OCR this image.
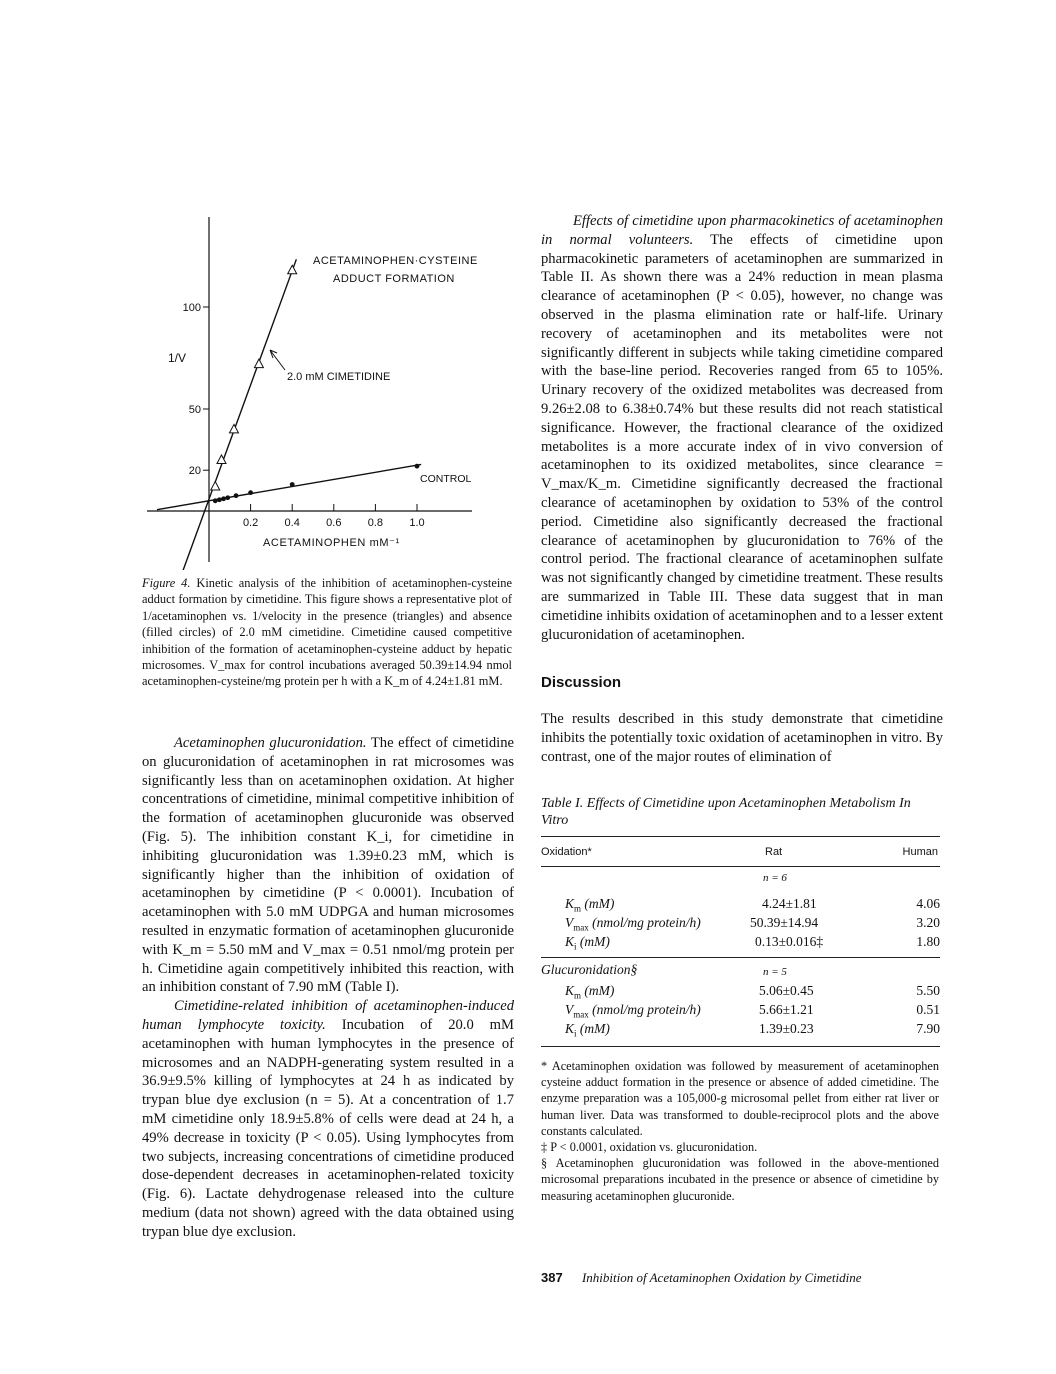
100
50
20
0.2 0.4 0.6 0.8 1.0
1/V
ACETAMINOPHEN·CYSTEINE
ADDUCT FORMATION
2.0 mM CIMETIDINE
CONTROL
ACETAMINOPHEN mM⁻¹
Figure 4. Kinetic analysis of the inhibition of acetaminophen-cysteine adduct formation by cimetidine. This figure shows a representative plot of 1/acetaminophen vs. 1/velocity in the presence (triangles) and absence (filled circles) of 2.0 mM cimetidine. Cimetidine caused competitive inhibition of the formation of acetaminophen-cysteine adduct by hepatic microsomes. V_max for control incubations averaged 50.39±14.94 nmol acetaminophen-cysteine/mg protein per h with a K_m of 4.24±1.81 mM.

Acetaminophen glucuronidation. The effect of cimetidine on glucuronidation of acetaminophen in rat microsomes was significantly less than on acetaminophen oxidation. At higher concentrations of cimetidine, minimal competitive inhibition of the formation of acetaminophen glucuronide was observed (Fig. 5). The inhibition constant K_i, for cimetidine in inhibiting glucuronidation was 1.39±0.23 mM, which is significantly higher than the inhibition of oxidation of acetaminophen by cimetidine (P < 0.0001). Incubation of acetaminophen with 5.0 mM UDPGA and human microsomes resulted in enzymatic formation of acetaminophen glucuronide with K_m = 5.50 mM and V_max = 0.51 nmol/mg protein per h. Cimetidine again competitively inhibited this reaction, with an inhibition constant of 7.90 mM (Table I).

Cimetidine-related inhibition of acetaminophen-induced human lymphocyte toxicity. Incubation of 20.0 mM acetaminophen with human lymphocytes in the presence of microsomes and an NADPH-generating system resulted in a 36.9±9.5% killing of lymphocytes at 24 h as indicated by trypan blue dye exclusion (n = 5). At a concentration of 1.7 mM cimetidine only 18.9±5.8% of cells were dead at 24 h, a 49% decrease in toxicity (P < 0.05). Using lymphocytes from two subjects, increasing concentrations of cimetidine produced dose-dependent decreases in acetaminophen-related toxicity (Fig. 6). Lactate dehydrogenase released into the culture medium (data not shown) agreed with the data obtained using trypan blue dye exclusion.

Effects of cimetidine upon pharmacokinetics of acetaminophen in normal volunteers. The effects of cimetidine upon pharmacokinetic parameters of acetaminophen are summarized in Table II. As shown there was a 24% reduction in mean plasma clearance of acetaminophen (P < 0.05), however, no change was observed in the plasma elimination rate or half-life. Urinary recovery of acetaminophen and its metabolites were not significantly different in subjects while taking cimetidine compared with the base-line period. Recoveries ranged from 65 to 105%. Urinary recovery of the oxidized metabolites was decreased from 9.26±2.08 to 6.38±0.74% but these results did not reach statistical significance. However, the fractional clearance of the oxidized metabolites is a more accurate index of in vivo conversion of acetaminophen to its oxidized metabolites, since clearance = V_max/K_m. Cimetidine significantly decreased the fractional clearance of acetaminophen by oxidation to 53% of the control period. Cimetidine also significantly decreased the fractional clearance of acetaminophen by glucuronidation to 76% of the control period. The fractional clearance of acetaminophen sulfate was not significantly changed by cimetidine treatment. These results are summarized in Table III. These data suggest that in man cimetidine inhibits oxidation of acetaminophen and to a lesser extent glucuronidation of acetaminophen.

Discussion

The results described in this study demonstrate that cimetidine inhibits the potentially toxic oxidation of acetaminophen in vitro. By contrast, one of the major routes of elimination of

Table I. Effects of Cimetidine upon Acetaminophen Metabolism In Vitro
Oxidation*	Rat	Human
n = 6
$K_m$ (mM)	4.24±1.81	4.06
$V_{max}$ (nmol/mg protein/h)	50.39±14.94	3.20
$K_i$ (mM)	0.13±0.016‡	1.80
Glucuronidation§	n = 5
$K_m$ (mM)	5.06±0.45	5.50
$V_{max}$ (nmol/mg protein/h)	5.66±1.21	0.51
$K_i$ (mM)	1.39±0.23	7.90

* Acetaminophen oxidation was followed by measurement of acetaminophen cysteine adduct formation in the presence or absence of added cimetidine. The enzyme preparation was a 105,000-g microsomal pellet from either rat liver or human liver. Data was transformed to double-reciprocol plots and the above constants calculated.

‡ P < 0.0001, oxidation vs. glucuronidation.

§ Acetaminophen glucuronidation was followed in the above-mentioned microsomal preparations incubated in the presence or absence of cimetidine by measuring acetaminophen glucuronide.

387 Inhibition of Acetaminophen Oxidation by Cimetidine
